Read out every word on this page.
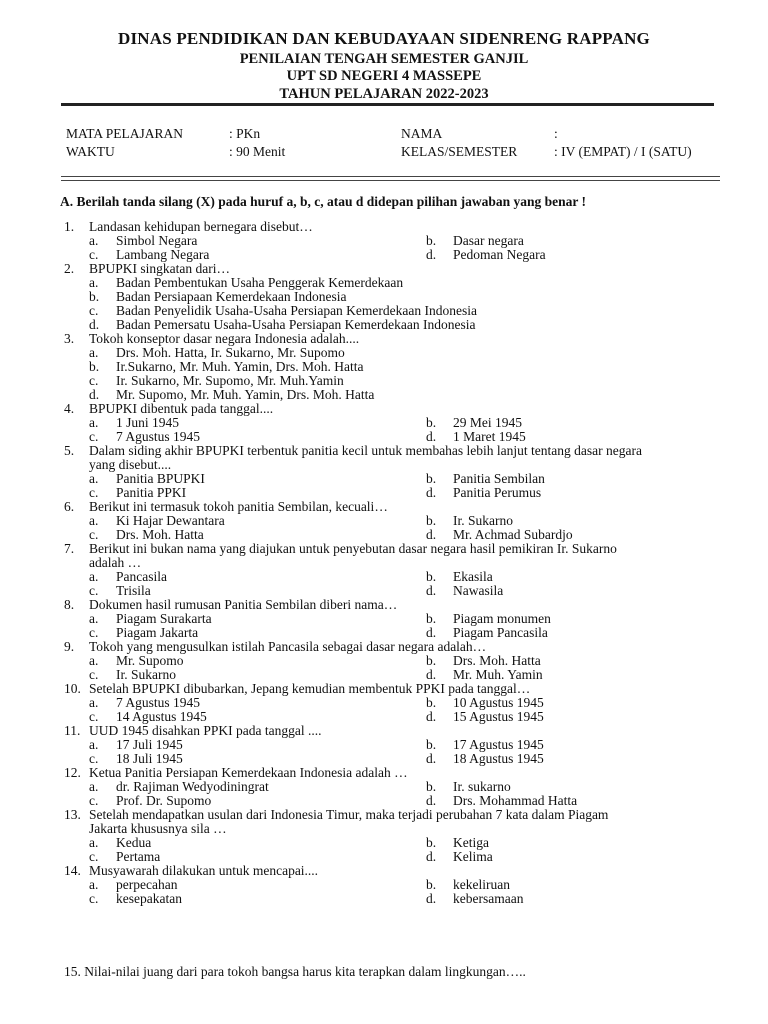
DINAS PENDIDIKAN DAN KEBUDAYAAN SIDENRENG RAPPANG
PENILAIAN TENGAH SEMESTER GANJIL
UPT SD NEGERI 4 MASSEPE
TAHUN PELAJARAN 2022-2023
MATA PELAJARAN	: PKn	NAMA	:
WAKTU	: 90 Menit	KELAS/SEMESTER	: IV (EMPAT) / I (SATU)
A. Berilah tanda silang (X) pada huruf a, b, c, atau d didepan pilihan jawaban yang benar !
1. Landasan kehidupan bernegara disebut…
a. Simbol Negara	b. Dasar negara
c. Lambang Negara	d. Pedoman Negara
2. BPUPKI singkatan dari…
a. Badan Pembentukan Usaha Penggerak Kemerdekaan
b. Badan Persiapaan Kemerdekaan Indonesia
c. Badan Penyelidik Usaha-Usaha Persiapan Kemerdekaan Indonesia
d. Badan Pemersatu Usaha-Usaha Persiapan Kemerdekaan Indonesia
3. Tokoh konseptor dasar negara Indonesia adalah....
a. Drs. Moh. Hatta, Ir. Sukarno, Mr. Supomo
b. Ir.Sukarno, Mr. Muh. Yamin, Drs. Moh. Hatta
c. Ir. Sukarno, Mr. Supomo, Mr. Muh.Yamin
d. Mr. Supomo, Mr. Muh. Yamin, Drs. Moh. Hatta
4. BPUPKI dibentuk pada tanggal....
a. 1 Juni 1945	b. 29 Mei 1945
c. 7 Agustus 1945	d. 1 Maret 1945
5. Dalam siding akhir BPUPKI terbentuk panitia kecil untuk membahas lebih lanjut tentang dasar negara
yang disebut....
a. Panitia BPUPKI	b. Panitia Sembilan
c. Panitia PPKI	d. Panitia Perumus
6. Berikut ini termasuk tokoh panitia Sembilan, kecuali…
a. Ki Hajar Dewantara	b. Ir. Sukarno
c. Drs. Moh. Hatta	d. Mr. Achmad Subardjo
7. Berikut ini bukan nama yang diajukan untuk penyebutan dasar negara hasil pemikiran Ir. Sukarno
adalah …
a. Pancasila	b. Ekasila
c. Trisila	d. Nawasila
8. Dokumen hasil rumusan Panitia Sembilan diberi nama…
a. Piagam Surakarta	b. Piagam monumen
c. Piagam Jakarta	d. Piagam Pancasila
9. Tokoh yang mengusulkan istilah Pancasila sebagai dasar negara adalah…
a. Mr. Supomo	b. Drs. Moh. Hatta
c. Ir. Sukarno	d. Mr. Muh. Yamin
10. Setelah BPUPKI dibubarkan, Jepang kemudian membentuk PPKI pada tanggal…
a. 7 Agustus 1945	b. 10 Agustus 1945
c. 14 Agustus 1945	d. 15 Agustus 1945
11. UUD 1945 disahkan PPKI pada tanggal ....
a. 17 Juli 1945	b. 17 Agustus 1945
c. 18 Juli 1945	d. 18 Agustus 1945
12. Ketua Panitia Persiapan Kemerdekaan Indonesia adalah …
a. dr. Rajiman Wedyodiningrat	b. Ir. sukarno
c. Prof. Dr. Supomo	d. Drs. Mohammad Hatta
13. Setelah mendapatkan usulan dari Indonesia Timur, maka terjadi perubahan 7 kata dalam Piagam
Jakarta khususnya sila …
a. Kedua	b. Ketiga
c. Pertama	d. Kelima
14. Musyawarah dilakukan untuk mencapai....
a. perpecahan	b. kekeliruan
c. kesepakatan	d. kebersamaan
15. Nilai-nilai juang dari para tokoh bangsa harus kita terapkan dalam lingkungan…..
